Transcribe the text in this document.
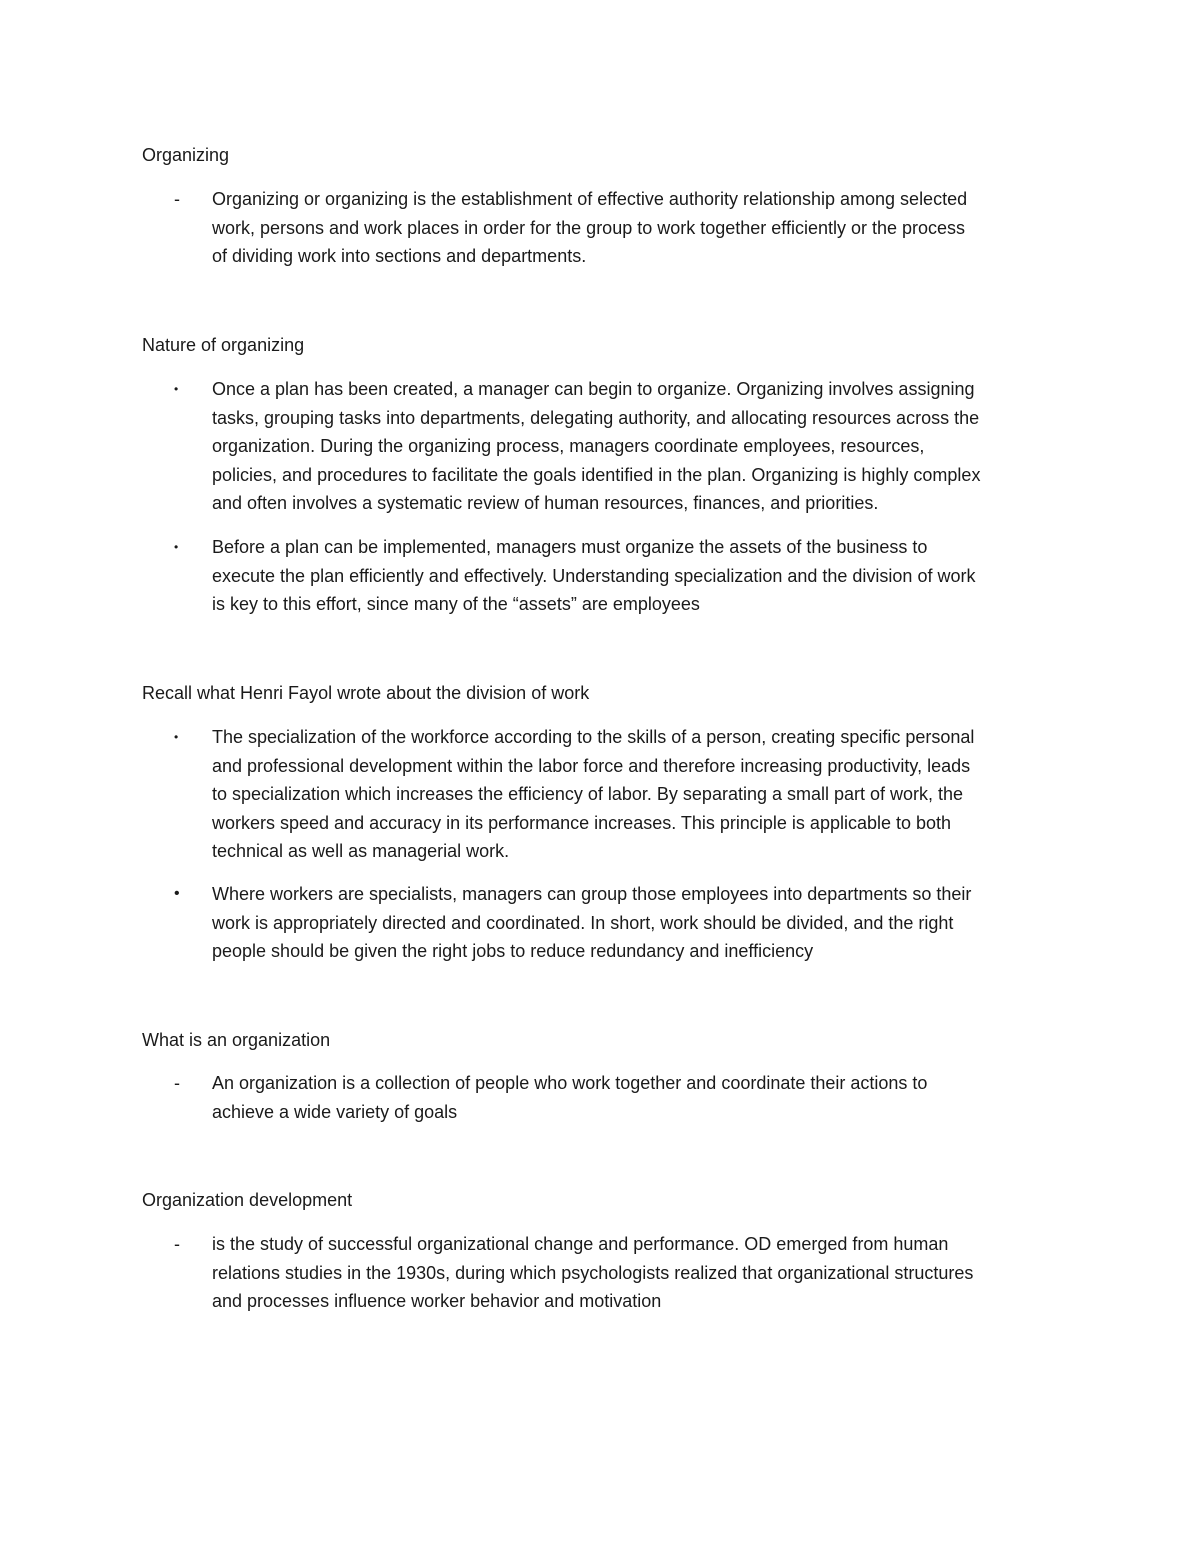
Organizing
-	Organizing or organizing is the establishment of effective authority relationship among selected
work, persons and work places in order for the group to work together efficiently or the process
of dividing work into sections and departments.
Nature of organizing
•	Once a plan has been created, a manager can begin to organize. Organizing involves assigning
tasks, grouping tasks into departments, delegating authority, and allocating resources across the
organization. During the organizing process, managers coordinate employees, resources,
policies, and procedures to facilitate the goals identified in the plan. Organizing is highly complex
and often involves a systematic review of human resources, finances, and priorities.
•	Before a plan can be implemented, managers must organize the assets of the business to
execute the plan efficiently and effectively. Understanding specialization and the division of work
is key to this effort, since many of the “assets” are employees
Recall what Henri Fayol wrote about the division of work
•	The specialization of the workforce according to the skills of a person, creating specific personal
and professional development within the labor force and therefore increasing productivity, leads
to specialization which increases the efficiency of labor. By separating a small part of work, the
workers speed and accuracy in its performance increases. This principle is applicable to both
technical as well as managerial work.
•	Where workers are specialists, managers can group those employees into departments so their
work is appropriately directed and coordinated. In short, work should be divided, and the right
people should be given the right jobs to reduce redundancy and inefficiency
What is an organization
-	An organization is a collection of people who work together and coordinate their actions to
achieve a wide variety of goals
Organization development
-	is the study of successful organizational change and performance. OD emerged from human
relations studies in the 1930s, during which psychologists realized that organizational structures
and processes influence worker behavior and motivation
